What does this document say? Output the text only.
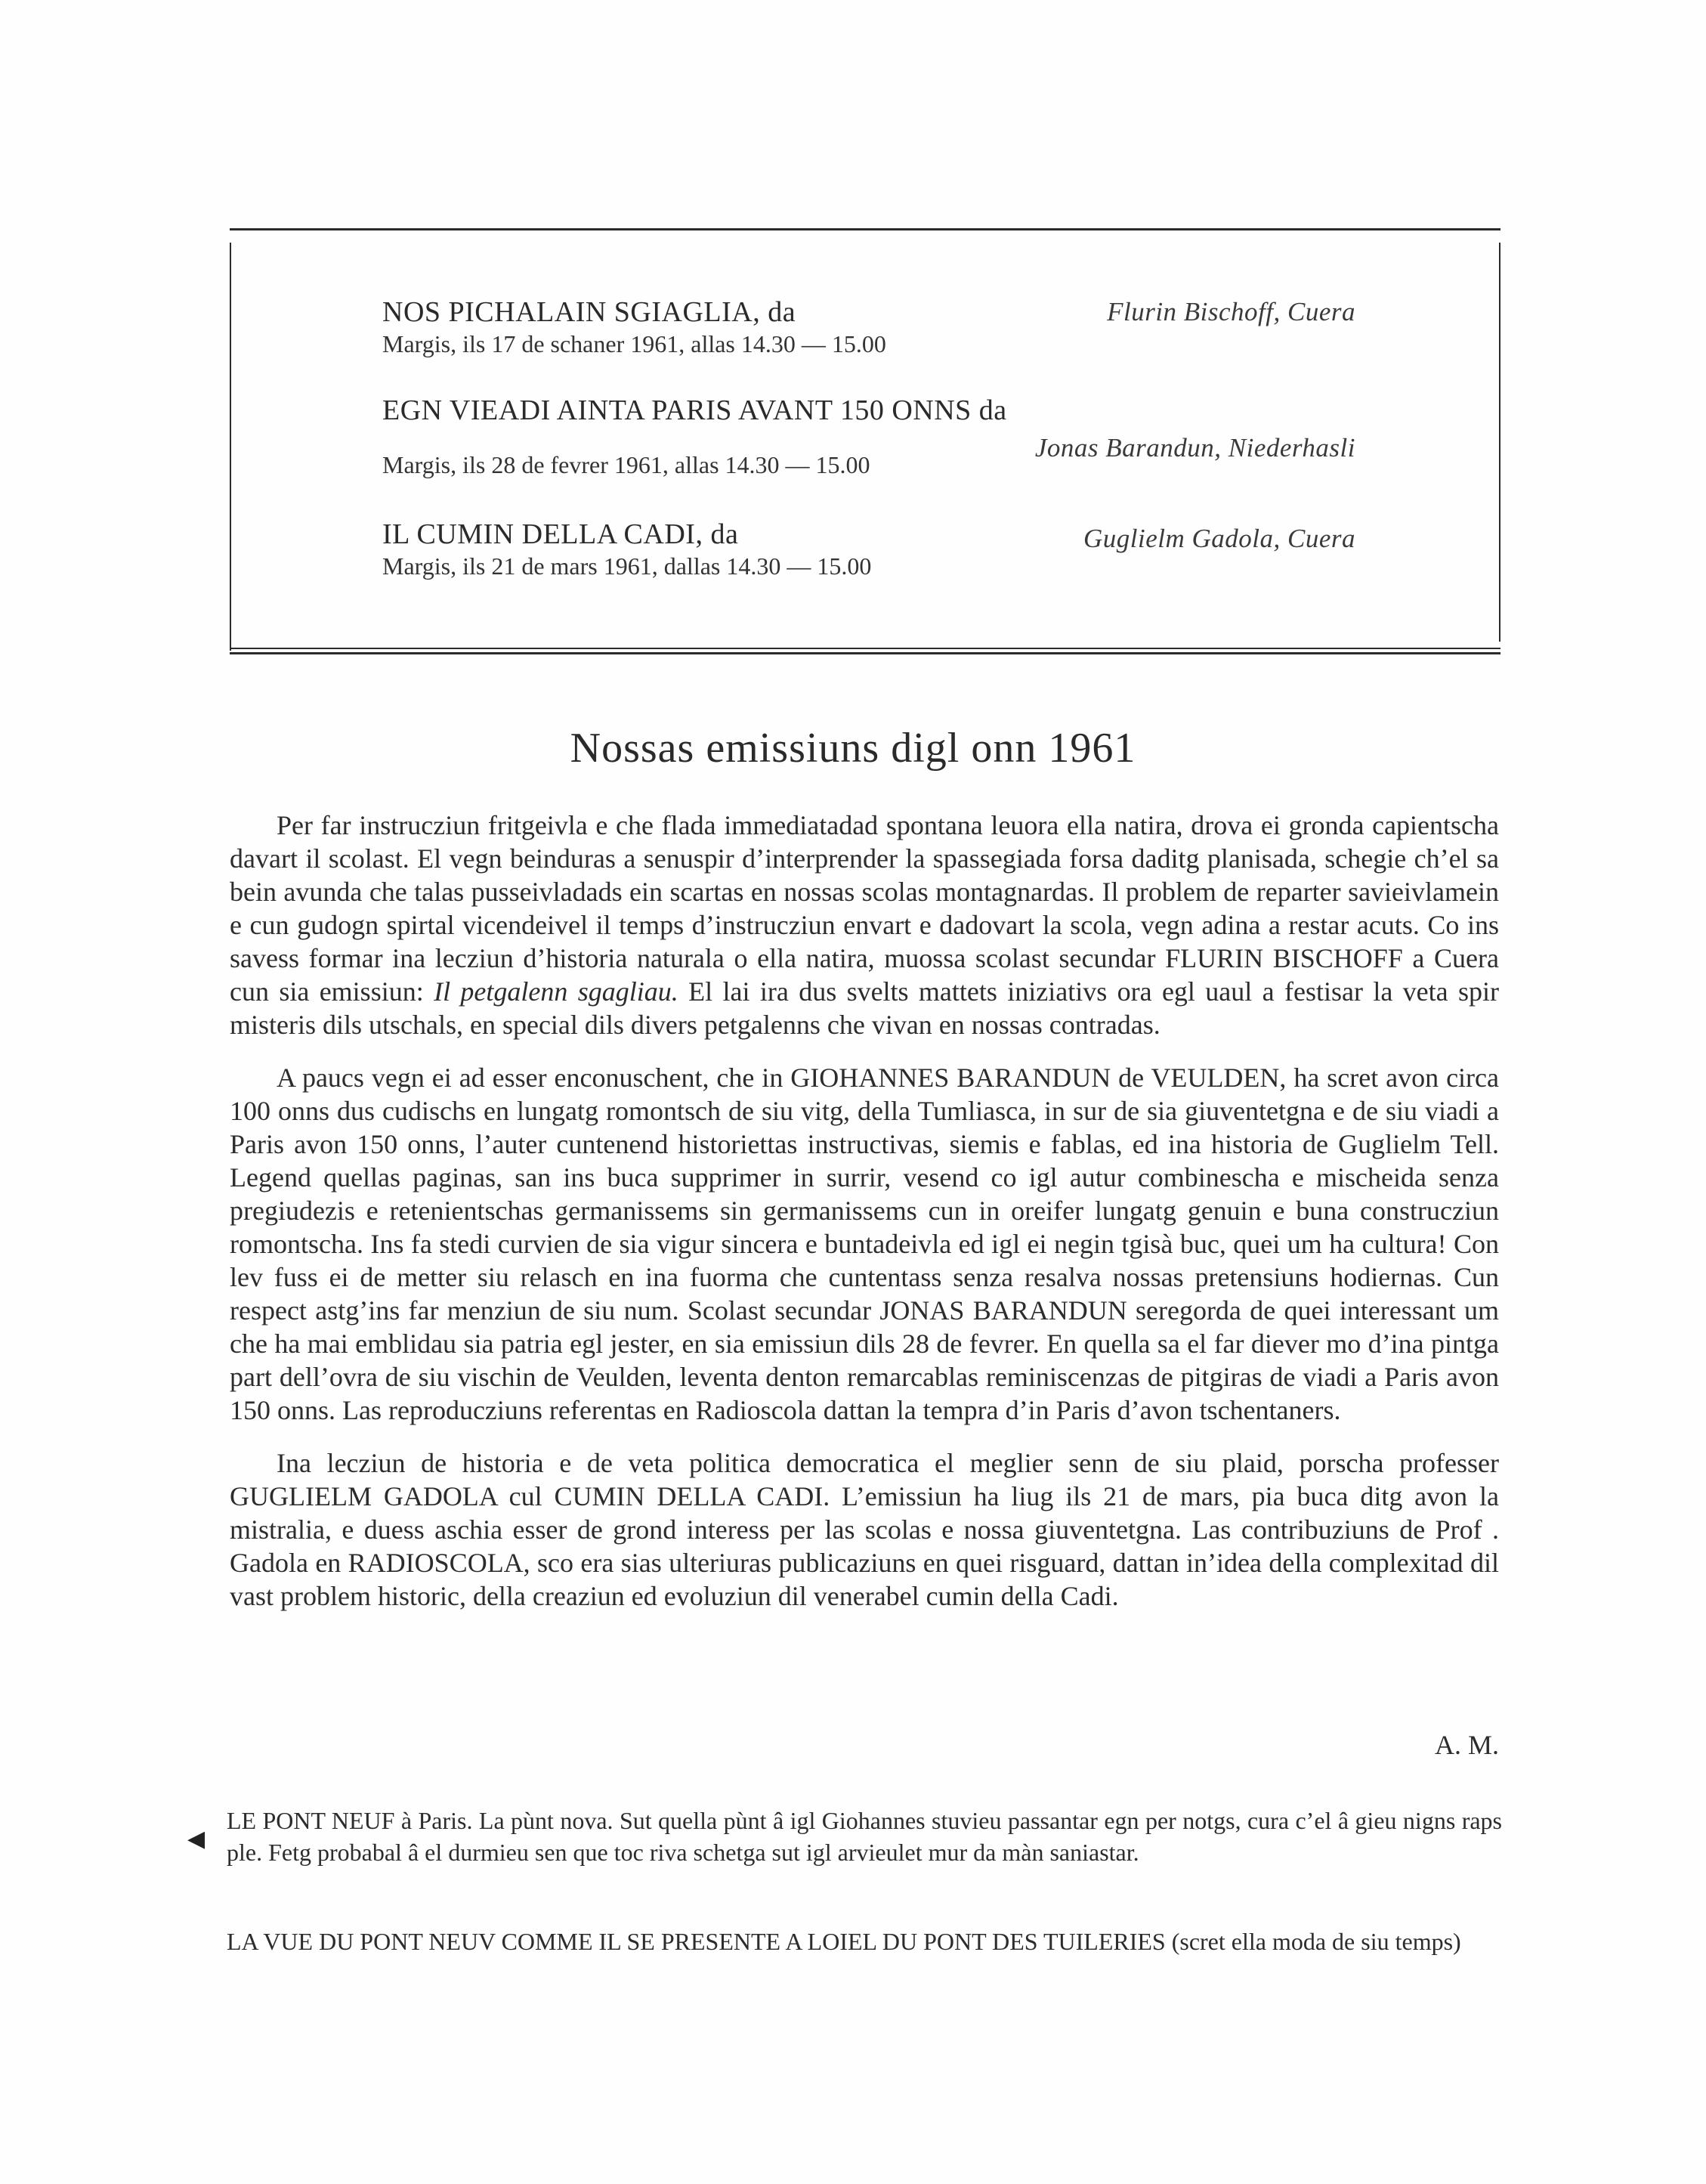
NOS PICHALAIN SGIAGLIA, da
Margis, ils 17 de schaner 1961, allas 14.30 — 15.00
Flurin Bischoff, Cuera
EGN VIEADI AINTA PARIS AVANT 150 ONNS da
Margis, ils 28 de fevrer 1961, allas 14.30 — 15.00
Jonas Barandun, Niederhasli
IL CUMIN DELLA CADI, da
Margis, ils 21 de mars 1961, dallas 14.30 — 15.00
Guglielm Gadola, Cuera
Nossas emissiuns digl onn 1961

Per far instrucziun fritgeivla e che flada immediatadad spontana leuora ella natira, drova ei gronda capientscha davart il scolast. El vegn beinduras a senuspir d’interprender la spassegiada forsa daditg planisada, schegie ch’el sa bein avunda che talas pusseivladads ein scartas en nossas scolas montagnardas. Il problem de reparter savieivlamein e cun gudogn spirtal vicendeivel il temps d’instrucziun envart e dadovart la scola, vegn adina a restar acuts. Co ins savess formar ina lecziun d’historia naturala o ella natira, muossa scolast secundar FLURIN BISCHOFF a Cuera cun sia emissiun: Il petgalenn sgagliau. El lai ira dus svelts mattets iniziativs ora egl uaul a festisar la veta spir misteris dils utschals, en special dils divers petgalenns che vivan en nossas contradas.

A paucs vegn ei ad esser enconuschent, che in GIOHANNES BARANDUN de VEULDEN, ha scret avon circa 100 onns dus cudischs en lungatg romontsch de siu vitg, della Tumliasca, in sur de sia giuventetgna e de siu viadi a Paris avon 150 onns, l’auter cuntenend historiettas instructivas, siemis e fablas, ed ina historia de Guglielm Tell. Legend quellas paginas, san ins buca supprimer in surrir, vesend co igl autur combinescha e mischeida senza pregiudezis e retenientschas germanissems sin germanissems cun in oreifer lungatg genuin e buna construcziun romontscha. Ins fa stedi curvien de sia vigur sincera e buntadeivla ed igl ei negin tgisà buc, quei um ha cultura! Con lev fuss ei de metter siu relasch en ina fuorma che cuntentass senza resalva nossas pretensiuns hodiernas. Cun respect astg’ins far menziun de siu num. Scolast secundar JONAS BARANDUN seregorda de quei interessant um che ha mai emblidau sia patria egl jester, en sia emissiun dils 28 de fevrer. En quella sa el far diever mo d’ina pintga part dell’ovra de siu vischin de Veulden, leventa denton remarcablas reminiscenzas de pitgiras de viadi a Paris avon 150 onns. Las reproducziuns referentas en Radioscola dattan la tempra d’in Paris d’avon tschentaners.

Ina lecziun de historia e de veta politica democratica el meglier senn de siu plaid, porscha professer GUGLIELM GADOLA cul CUMIN DELLA CADI. L’emissiun ha liug ils 21 de mars, pia buca ditg avon la mistralia, e duess aschia esser de grond interess per las scolas e nossa giuventetgna. Las contribuziuns de Prof . Gadola en RADIOSCOLA, sco era sias ulteriuras publicaziuns en quei risguard, dattan in’idea della complexitad dil vast problem historic, della creaziun ed evoluziun dil venerabel cumin della Cadi.

A. M.
◀
LE PONT NEUF à Paris. La pùnt nova. Sut quella pùnt â igl Giohannes stuvieu passantar egn per notgs, cura c’el â gieu nigns raps ple. Fetg probabal â el durmieu sen que toc riva schetga sut igl arvieulet mur da màn saniastar.
LA VUE DU PONT NEUV COMME IL SE PRESENTE A LOIEL DU PONT DES TUILERIES (scret ella moda de siu temps)
